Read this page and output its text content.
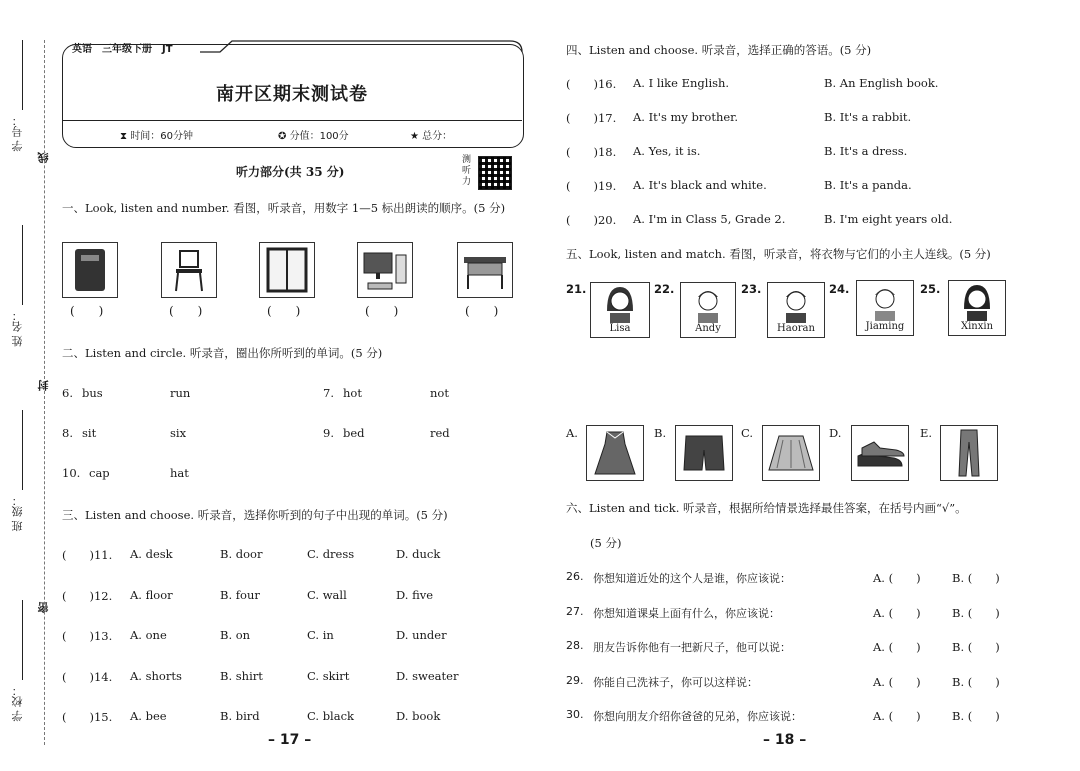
学 号：
姓 名：
班 级：
学 校：
线
封
密
英语　三年级下册　JT
南开区期末测试卷
⧗ 时间：60分钟	✪ 分值：100分	★ 总分：
听力部分(共 35 分)
测听力
一、Look, listen and number. 看图，听录音，用数字 1—5 标出朗读的顺序。(5 分)
(　　)	(　　)	(　　)	(　　)	(　　)
二、Listen and circle. 听录音，圈出你所听到的单词。(5 分)
6. bus	run	7. hot	not
8. sit	six	9. bed	red
10. cap	hat
三、Listen and choose. 听录音，选择你听到的句子中出现的单词。(5 分)
(　　)11. A. desk	B. door	C. dress	D. duck
(　　)12. A. floor	B. four	C. wall	D. five
(　　)13. A. one	B. on	C. in	D. under
(　　)14. A. shorts	B. shirt	C. skirt	D. sweater
(　　)15. A. bee	B. bird	C. black	D. book
– 17 –
四、Listen and choose. 听录音，选择正确的答语。(5 分)
(　　)16. A. I like English.	B. An English book.
(　　)17. A. It's my brother.	B. It's a rabbit.
(　　)18. A. Yes, it is.	B. It's a dress.
(　　)19. A. It's black and white.	B. It's a panda.
(　　)20. A. I'm in Class 5, Grade 2.	B. I'm eight years old.
五、Look, listen and match. 看图，听录音，将衣物与它们的小主人连线。(5 分)
21.
Lisa
22.
Andy
23.
Haoran
24.
Jiaming
25.
Xinxin
A.	B.	C.	D.	E.
六、Listen and tick. 听录音，根据所给情景选择最佳答案，在括号内画“√”。
(5 分)
26. 你想知道近处的这个人是谁，你应该说：	A. (　　)	B. (　　)
27. 你想知道课桌上面有什么，你应该说：	A. (　　)	B. (　　)
28. 朋友告诉你他有一把新尺子，他可以说：	A. (　　)	B. (　　)
29. 你能自己洗袜子，你可以这样说：	A. (　　)	B. (　　)
30. 你想向朋友介绍你爸爸的兄弟，你应该说：	A. (　　)	B. (　　)
– 18 –
